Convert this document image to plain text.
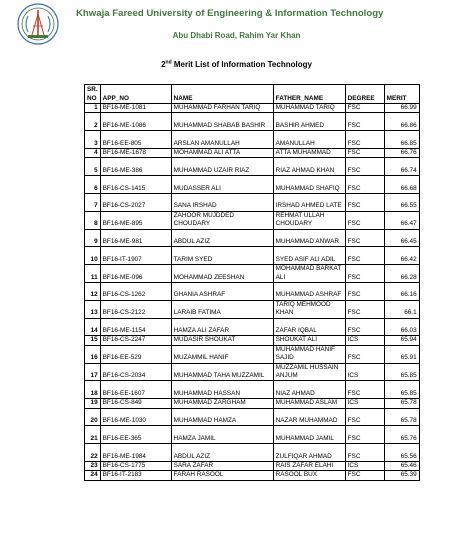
Khwaja Fareed University of Engineering & Information Technology
Abu Dhabi Road, Rahim Yar Khan
2nd Merit List of Information Technology
SR. NO	APP_NO	NAME	FATHER_NAME	DEGREE	MERIT
1	BF16-ME-1081	MUHAMMAD FARHAN TARIQ	MUHAMMAD TARIQ	FSC	66.99
2	BF16-ME-1086	MUHAMMAD SHABAB BASHIR	BASHIR AHMED	FSC	66.86
3	BF16-EE-805	ARSLAN AMANULLAH	AMANULLAH	FSC	66.85
4	BF16-ME-1678	MOHAMMAD ALI ATTA	ATTA MUHAMMAD	FSC	66.76
5	BF16-ME-386	MUHAMMAD UZAIR RIAZ	RIAZ AHMAD KHAN	FSC	66.74
6	BF16-CS-1415	MUDASSER ALI	MUHAMMAD SHAFIQ	FSC	66.68
7	BF16-CS-2027	SANA IRSHAD	IRSHAD AHMED LATE	FSC	66.55
8	BF16-ME-895	ZAHOOR MUJDDED CHOUDARY	REHMAT ULLAH CHOUDARY	FSC	66.47
9	BF16-ME-981	ABDUL AZIZ	MUHAMMAD ANWAR	FSC	66.45
10	BF16-IT-1907	TARIM SYED	SYED ASIF ALI ADIL	FSC	66.42
11	BF16-ME-096	MOHAMMAD ZEESHAN	MOHAMMAD BARKAT ALI	FSC	66.28
12	BF16-CS-1262	GHANIA ASHRAF	MUHAMMAD ASHRAF	FSC	66.16
13	BF16-CS-2122	LARAIB FATIMA	TARIQ MEHMOOD KHAN	FSC	66.1
14	BF16-ME-1154	HAMZA ALI ZAFAR	ZAFAR IQBAL	FSC	66.03
15	BF16-CS-2247	MUDASIR SHOUKAT	SHOUKAT ALI	ICS	65.94
16	BF16-EE-529	MUZAMMIL HANIF	MUHAMMAD HANIF SAJID	FSC	65.91
17	BF16-CS-2034	MUHAMMAD TAHA MUZZAMIL	MUZZAMIL HUSSAIN ANJUM	ICS	65.85
18	BF16-EE-1607	MUHAMMAD HASSAN	NIAZ AHMAD	FSC	65.85
19	BF16-CS-849	MUHAMMAD ZARGHAM	MUHAMMAD ASLAM	ICS	65.78
20	BF16-ME-1030	MUHAMMAD HAMZA	NAZAR MUHAMMAD	FSC	65.78
21	BF16-EE-365	HAMZA JAMIL	MUHAMMAD JAMIL	FSC	65.76
22	BF16-ME-1984	ABDUL AZIZ	ZULFIQAR AHMAD	FSC	65.56
23	BF16-CS-1775	SARA ZAFAR	RAIS ZAFAR ELAHI	ICS	65.46
24	BF16-IT-2183	FARAH RASOOL	RASOOL BUX	FSC	65.39
